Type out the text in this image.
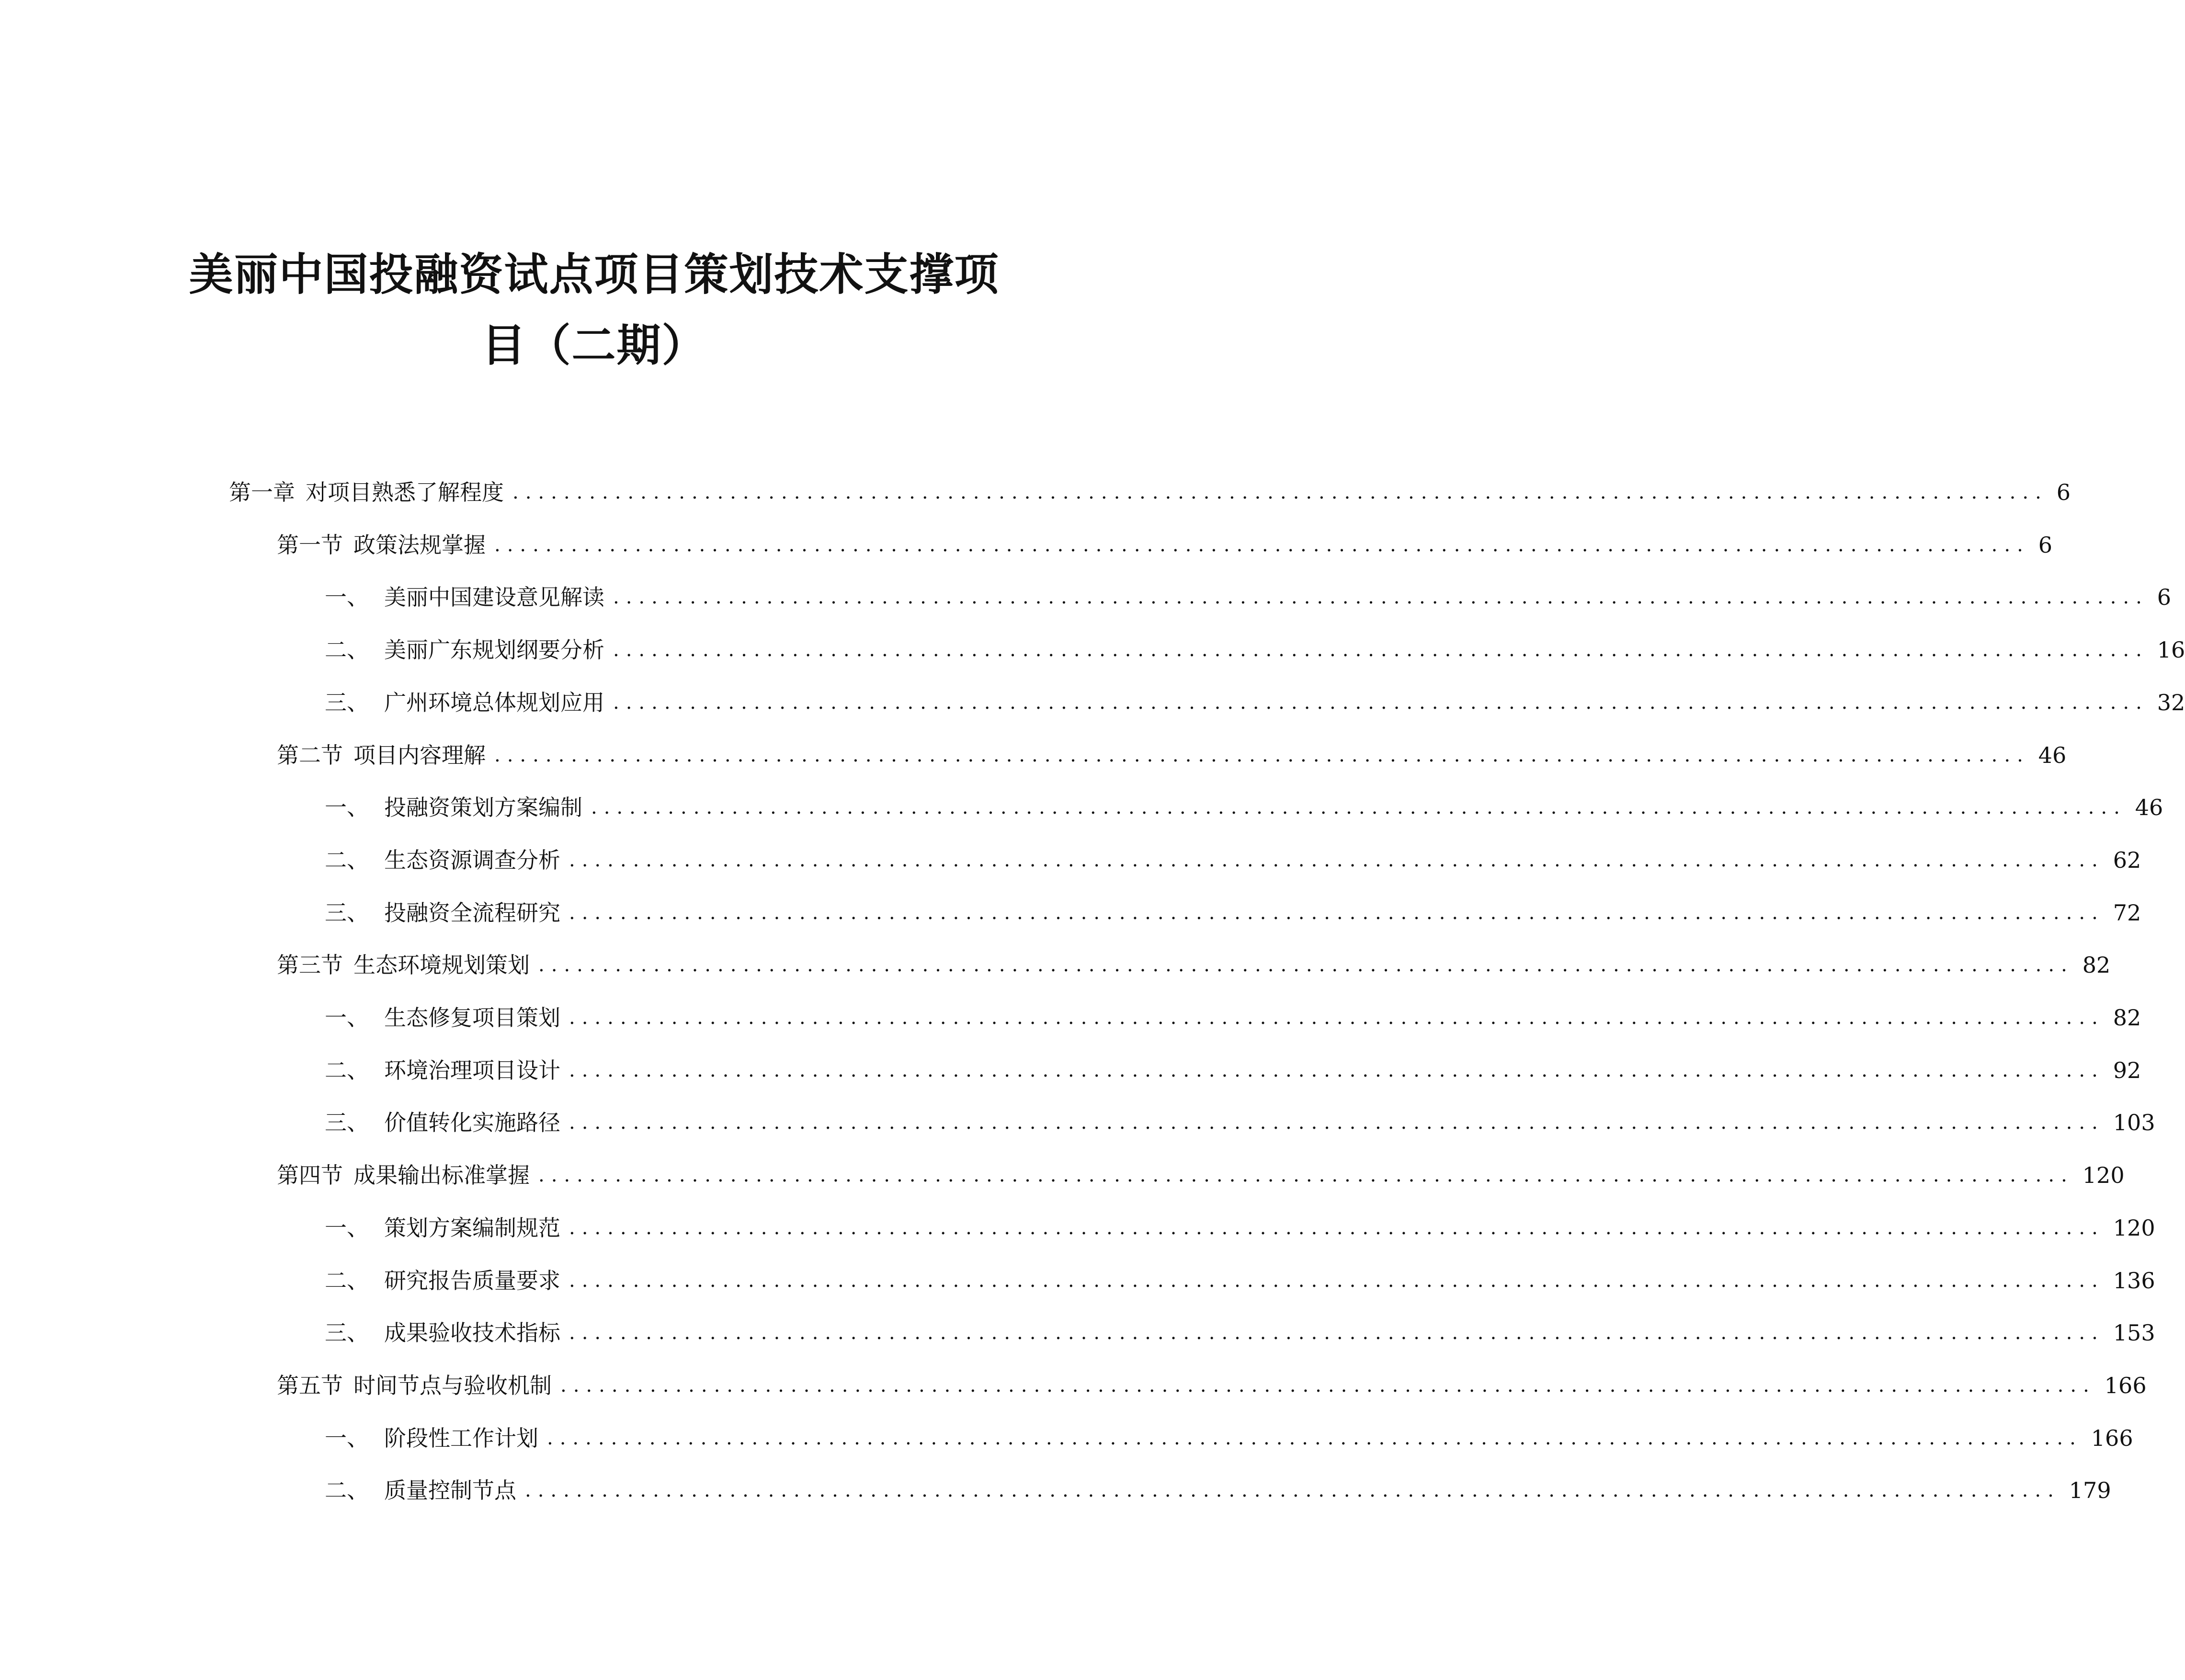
美丽中国投融资试点项目策划技术支撑项
目（二期）
第一章 对项目熟悉了解程度 ........................................................................................................................ 6
第一节 政策法规掌握 ........................................................................................................................ 6
一、 美丽中国建设意见解读 ........................................................................................................................ 6
二、 美丽广东规划纲要分析 ........................................................................................................................ 16
三、 广州环境总体规划应用 ........................................................................................................................ 32
第二节 项目内容理解 ........................................................................................................................ 46
一、 投融资策划方案编制 ........................................................................................................................ 46
二、 生态资源调查分析 ........................................................................................................................ 62
三、 投融资全流程研究 ........................................................................................................................ 72
第三节 生态环境规划策划 ........................................................................................................................ 82
一、 生态修复项目策划 ........................................................................................................................ 82
二、 环境治理项目设计 ........................................................................................................................ 92
三、 价值转化实施路径 ........................................................................................................................ 103
第四节 成果输出标准掌握 ........................................................................................................................ 120
一、 策划方案编制规范 ........................................................................................................................ 120
二、 研究报告质量要求 ........................................................................................................................ 136
三、 成果验收技术指标 ........................................................................................................................ 153
第五节 时间节点与验收机制 ........................................................................................................................ 166
一、 阶段性工作计划 ........................................................................................................................ 166
二、 质量控制节点 ........................................................................................................................ 179
